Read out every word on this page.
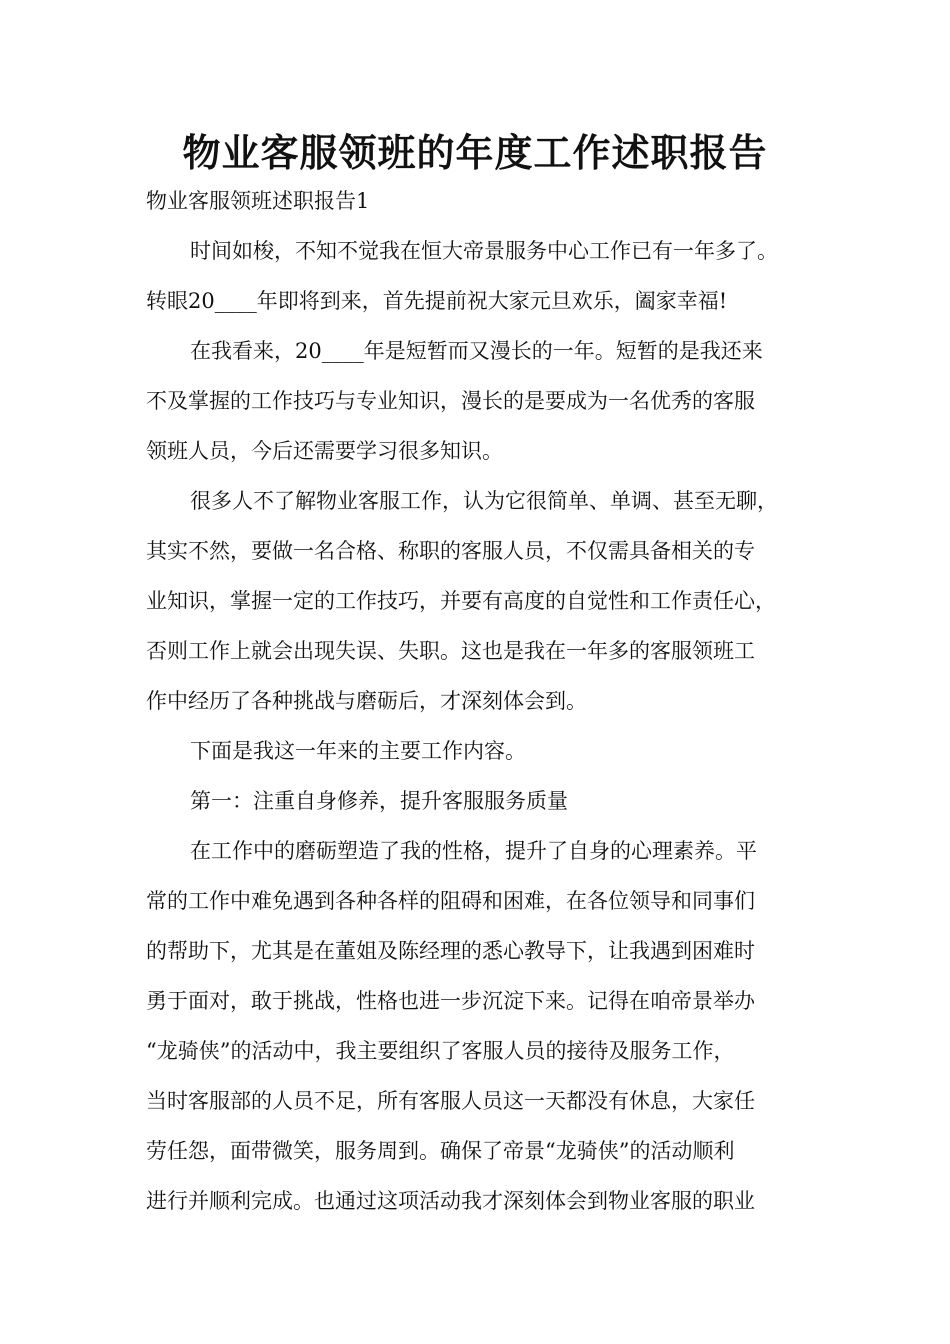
物业客服领班的年度工作述职报告
物业客服领班述职报告1
时间如梭，不知不觉我在恒大帝景服务中心工作已有一年多了。
转眼20____年即将到来，首先提前祝大家元旦欢乐，阖家幸福!
在我看来，20____年是短暂而又漫长的一年。短暂的是我还来
不及掌握的工作技巧与专业知识，漫长的是要成为一名优秀的客服
领班人员，今后还需要学习很多知识。
很多人不了解物业客服工作，认为它很简单、单调、甚至无聊，
其实不然，要做一名合格、称职的客服人员，不仅需具备相关的专
业知识，掌握一定的工作技巧，并要有高度的自觉性和工作责任心，
否则工作上就会出现失误、失职。这也是我在一年多的客服领班工
作中经历了各种挑战与磨砺后，才深刻体会到。
下面是我这一年来的主要工作内容。
第一：注重自身修养，提升客服服务质量
在工作中的磨砺塑造了我的性格，提升了自身的心理素养。平
常的工作中难免遇到各种各样的阻碍和困难，在各位领导和同事们
的帮助下，尤其是在董姐及陈经理的悉心教导下，让我遇到困难时
勇于面对，敢于挑战，性格也进一步沉淀下来。记得在咱帝景举办
“龙骑侠”的活动中，我主要组织了客服人员的接待及服务工作，
当时客服部的人员不足，所有客服人员这一天都没有休息，大家任
劳任怨，面带微笑，服务周到。确保了帝景“龙骑侠”的活动顺利
进行并顺利完成。也通过这项活动我才深刻体会到物业客服的职业
